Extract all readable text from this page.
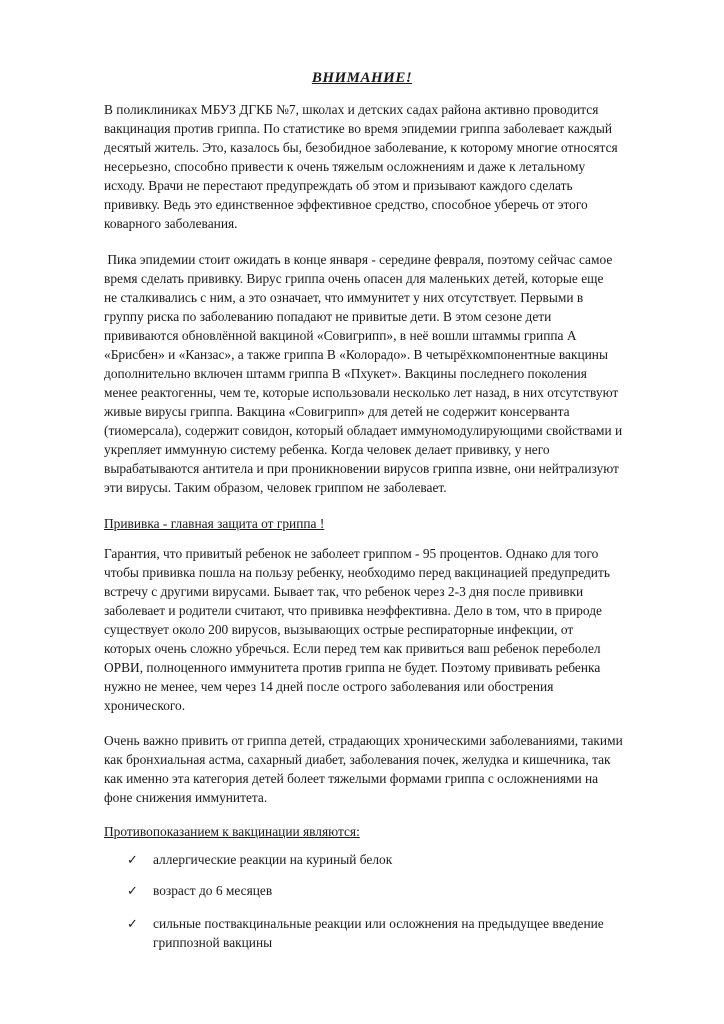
ВНИМАНИЕ!

В поликлиниках МБУЗ ДГКБ №7, школах и детских садах района активно проводится
вакцинация против гриппа. По статистике во время эпидемии гриппа заболевает каждый
десятый житель. Это, казалось бы, безобидное заболевание, к которому многие относятся
несерьезно, способно привести к очень тяжелым осложнениям и даже к летальному
исходу. Врачи не перестают предупреждать об этом и призывают каждого сделать
прививку. Ведь это единственное эффективное средство, способное уберечь от этого
коварного заболевания.

Пика эпидемии стоит ожидать в конце января - середине февраля, поэтому сейчас самое
время сделать прививку. Вирус гриппа очень опасен для маленьких детей, которые еще
не сталкивались с ним, а это означает, что иммунитет у них отсутствует. Первыми в
группу риска по заболеванию попадают не привитые дети. В этом сезоне дети
прививаются обновлённой вакциной «Совигрипп», в неё вошли штаммы гриппа А
«Брисбен» и «Канзас», а также гриппа В «Колорадо». В четырёхкомпонентные вакцины
дополнительно включен штамм гриппа В «Пхукет». Вакцины последнего поколения
менее реактогенны, чем те, которые использовали несколько лет назад, в них отсутствуют
живые вирусы гриппа. Вакцина «Совигрипп» для детей не содержит консерванта
(тиомерсала), содержит совидон, который обладает иммуномодулирующими свойствами и
укрепляет иммунную систему ребенка. Когда человек делает прививку, у него
вырабатываются антитела и при проникновении вирусов гриппа извне, они нейтрализуют
эти вирусы. Таким образом, человек гриппом не заболевает.

Прививка - главная защита от гриппа !

Гарантия, что привитый ребенок не заболеет гриппом - 95 процентов. Однако для того
чтобы прививка пошла на пользу ребенку, необходимо перед вакцинацией предупредить
встречу с другими вирусами. Бывает так, что ребенок через 2-3 дня после прививки
заболевает и родители считают, что прививка неэффективна. Дело в том, что в природе
существует около 200 вирусов, вызывающих острые респираторные инфекции, от
которых очень сложно убречься. Если перед тем как привиться ваш ребенок переболел
ОРВИ, полноценного иммунитета против гриппа не будет. Поэтому прививать ребенка
нужно не менее, чем через 14 дней после острого заболевания или обострения
хронического.

Очень важно привить от гриппа детей, страдающих хроническими заболеваниями, такими
как бронхиальная астма, сахарный диабет, заболевания почек, желудка и кишечника, так
как именно эта категория детей болеет тяжелыми формами гриппа с осложнениями на
фоне снижения иммунитета.

Противопоказанием к вакцинации являются:

✓ аллергические реакции на куриный белок
✓ возраст до 6 месяцев
✓ сильные поствакцинальные реакции или осложнения на предыдущее введение
гриппозной вакцины
